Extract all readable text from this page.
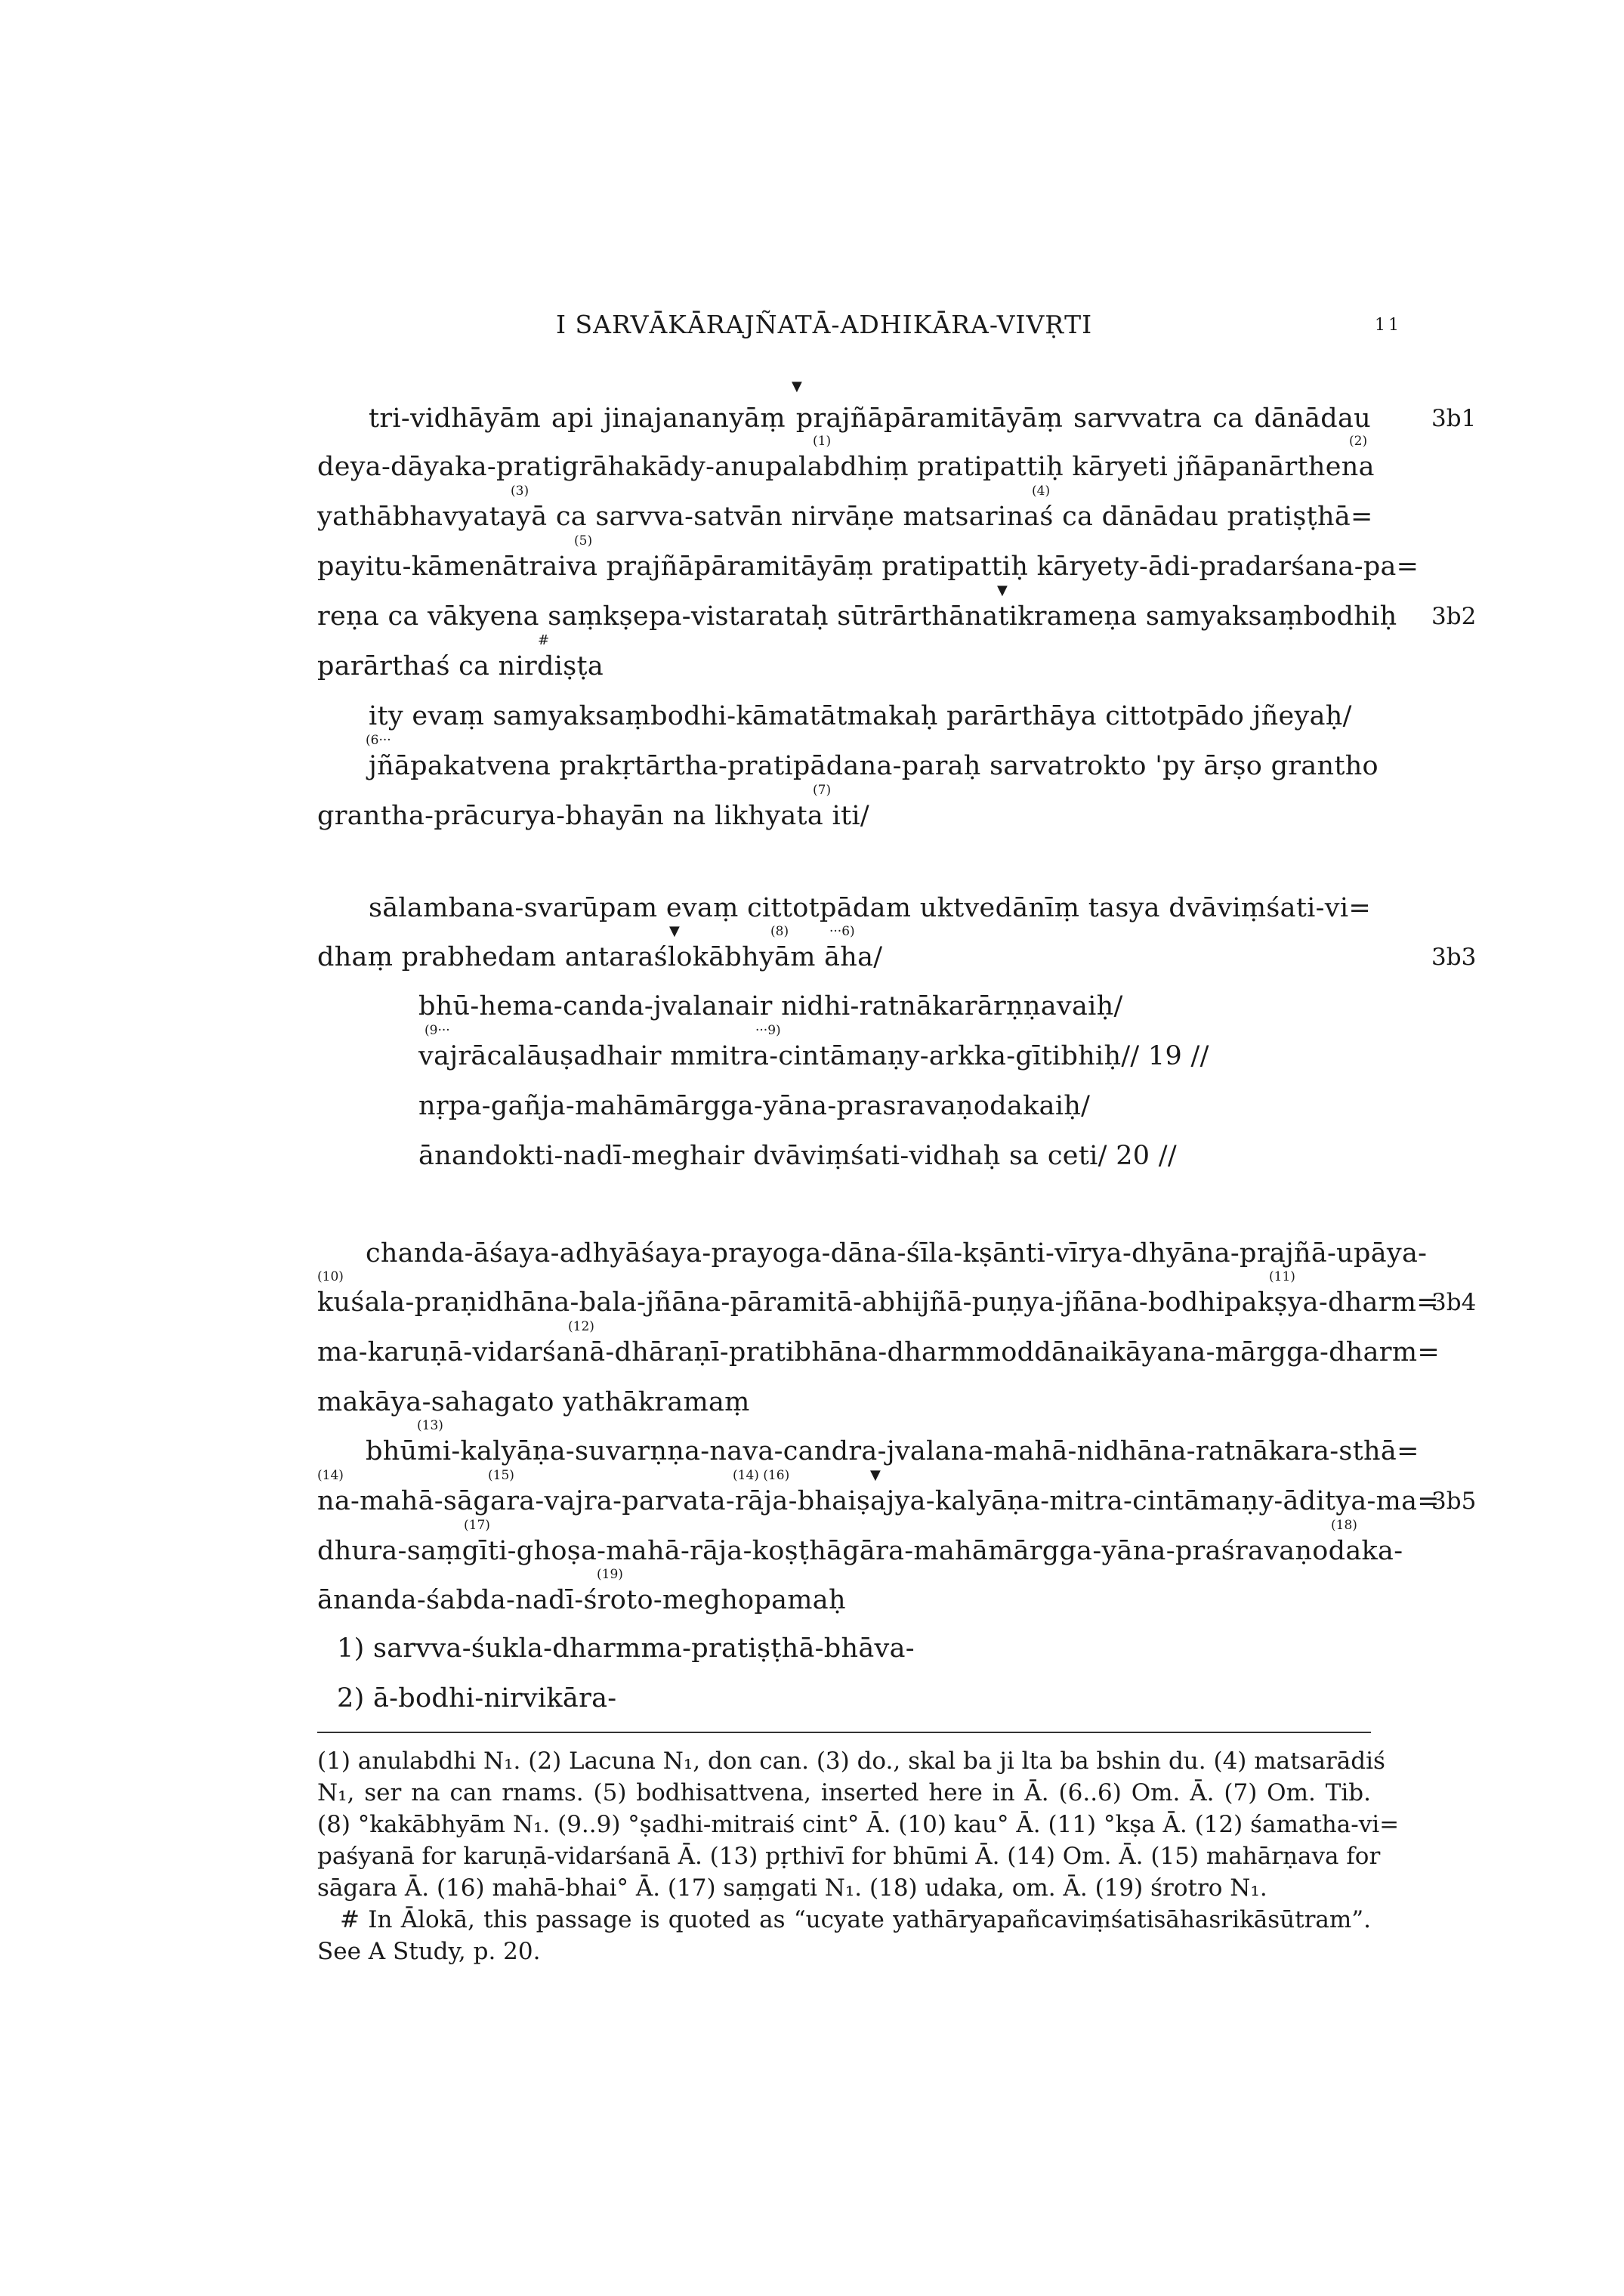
I SARVĀKĀRAJÑATĀ-ADHIKĀRA-VIVṚTI	11
3b1
3b2
3b3
3b4
3b5
tri-vidhāyām api jinajananyāṃ prajñāpāramitāyāṃ sarvvatra ca dānādau
deya-dāyaka-pratigrāhakādy-anupalabdhiṃ pratipattiḥ kāryeti jñāpanārthena
yathābhavyatayā ca sarvva-satvān nirvāṇe matsarinaś ca dānādau pratiṣṭhā=
payitu-kāmenātraiva prajñāpāramitāyāṃ pratipattiḥ kāryety-ādi-pradarśana-pa=
reṇa ca vākyena saṃkṣepa-vistarataḥ sūtrārthānatikrameṇa samyaksaṃbodhiḥ
parārthaś ca nirdiṣṭa
ity evaṃ samyaksaṃbodhi-kāmatātmakaḥ parārthāya cittotpādo jñeyaḥ/
jñāpakatvena prakṛtārtha-pratipādana-paraḥ sarvatrokto 'py ārṣo grantho
grantha-prācurya-bhayān na likhyata iti/
sālambana-svarūpam evaṃ cittotpādam uktvedānīṃ tasya dvāviṃśati-vi=
dhaṃ prabhedam antaraślokābhyām āha/
bhū-hema-canda-jvalanair nidhi-ratnākarārṇṇavaiḥ/
vajrācalāuṣadhair mmitra-cintāmaṇy-arkka-gītibhiḥ// 19 //
nṛpa-gañja-mahāmārgga-yāna-prasravaṇodakaiḥ/
ānandokti-nadī-meghair dvāviṃśati-vidhaḥ sa ceti/ 20 //
chanda-āśaya-adhyāśaya-prayoga-dāna-śīla-kṣānti-vīrya-dhyāna-prajñā-upāya-
kuśala-praṇidhāna-bala-jñāna-pāramitā-abhijñā-puṇya-jñāna-bodhipakṣya-dharm=
ma-karuṇā-vidarśanā-dhāraṇī-pratibhāna-dharmmoddānaikāyana-mārgga-dharm=
makāya-sahagato yathākramaṃ
bhūmi-kalyāṇa-suvarṇṇa-nava-candra-jvalana-mahā-nidhāna-ratnākara-sthā=
na-mahā-sāgara-vajra-parvata-rāja-bhaiṣajya-kalyāṇa-mitra-cintāmaṇy-āditya-ma=
dhura-saṃgīti-ghoṣa-mahā-rāja-koṣṭhāgāra-mahāmārgga-yāna-praśravaṇodaka-
ānanda-śabda-nadī-śroto-meghopamaḥ
1) sarvva-śukla-dharmma-pratiṣṭhā-bhāva-
2) ā-bodhi-nirvikāra-
▼
(1)	(2)
(3)	(4)
(5)
▼
#
(6···
(7)
▼	(8)	···6)
(9···	···9)
(10)	(11)
(12)
(13)
(14)	(15)	(14) (16)	▼
(17)	(18)
(19)
(1) anulabdhi N₁. (2) Lacuna N₁, don can. (3) do., skal ba ji lta ba bshin du. (4) matsarādiś
N₁, ser na can rnams. (5) bodhisattvena, inserted here in Ā. (6..6) Om. Ā. (7) Om. Tib.
(8) °kakābhyām N₁. (9..9) °ṣadhi-mitraiś cint° Ā. (10) kau° Ā. (11) °kṣa Ā. (12) śamatha-vi=
paśyanā for karuṇā-vidarśanā Ā. (13) pṛthivī for bhūmi Ā. (14) Om. Ā. (15) mahārṇava for
sāgara Ā. (16) mahā-bhai° Ā. (17) saṃgati N₁. (18) udaka, om. Ā. (19) śrotro N₁.
# In Ālokā, this passage is quoted as “ucyate yathāryapañcaviṃśatisāhasrikāsūtram”.
See A Study, p. 20.
